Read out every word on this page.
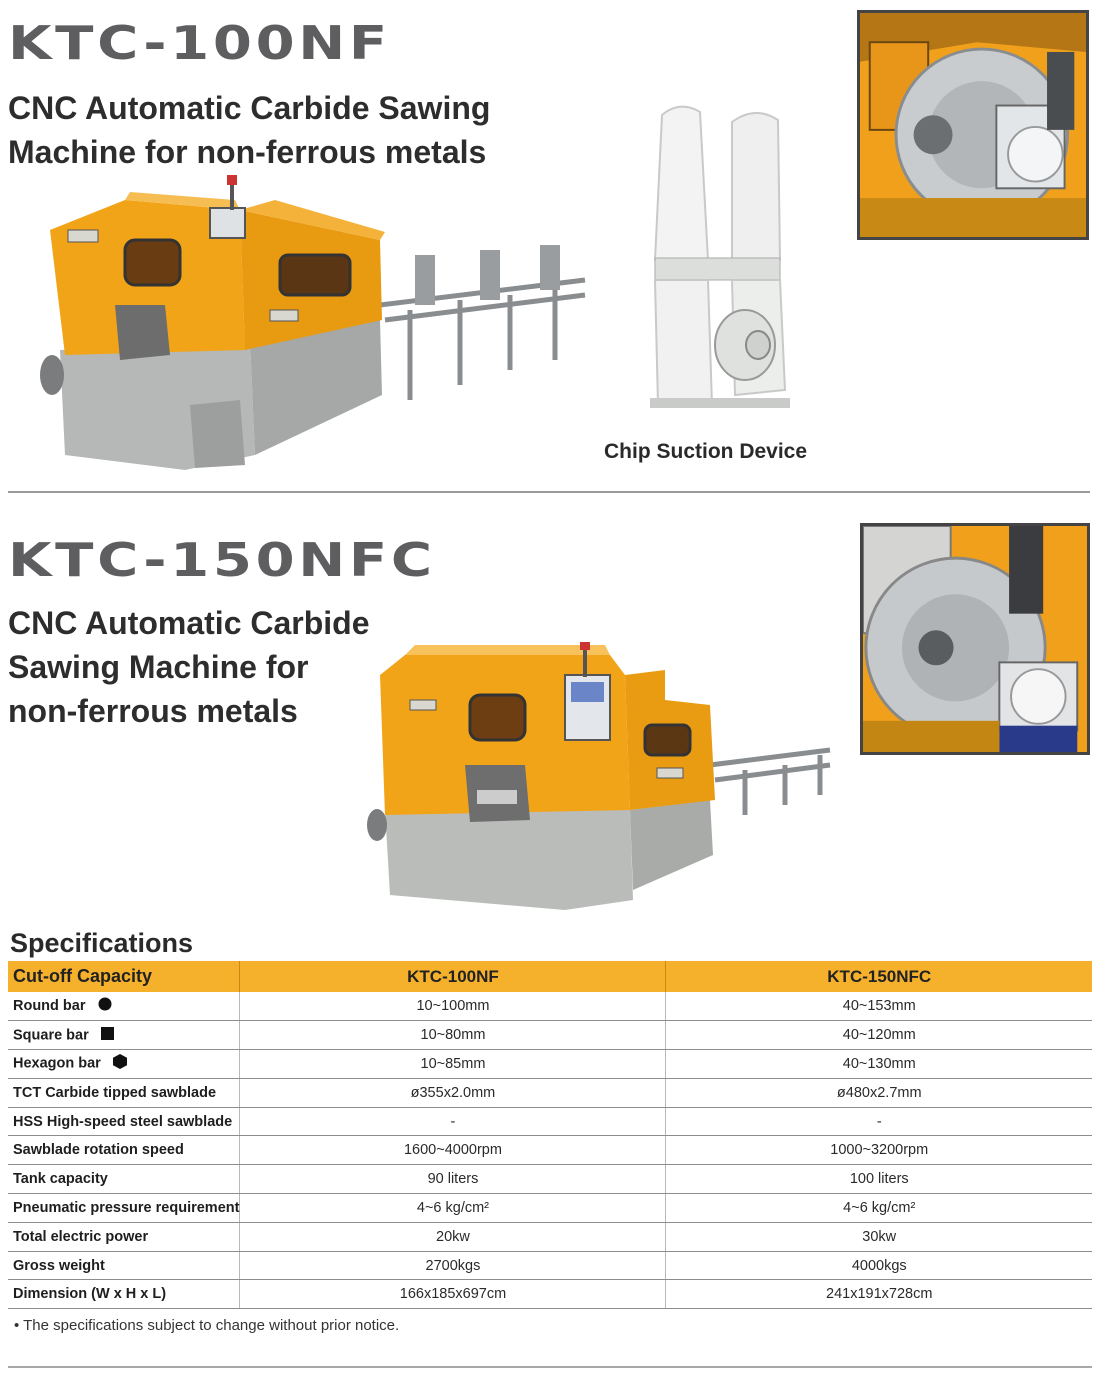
KTC-100NF
CNC Automatic Carbide Sawing
Machine for non-ferrous metals
Chip Suction Device
KTC-150NFC
CNC Automatic Carbide
Sawing Machine for
non-ferrous metals
Specifications
Cut-off Capacity	KTC-100NF	KTC-150NFC
Round bar	10~100mm	40~153mm
Square bar	10~80mm	40~120mm
Hexagon bar	10~85mm	40~130mm
TCT Carbide tipped sawblade	ø355x2.0mm	ø480x2.7mm
HSS High-speed steel sawblade	-	-
Sawblade rotation speed	1600~4000rpm	1000~3200rpm
Tank capacity	90 liters	100 liters
Pneumatic pressure requirement	4~6 kg/cm²	4~6 kg/cm²
Total electric power	20kw	30kw
Gross weight	2700kgs	4000kgs
Dimension (W x H x L)	166x185x697cm	241x191x728cm
• The specifications subject to change without prior notice.
